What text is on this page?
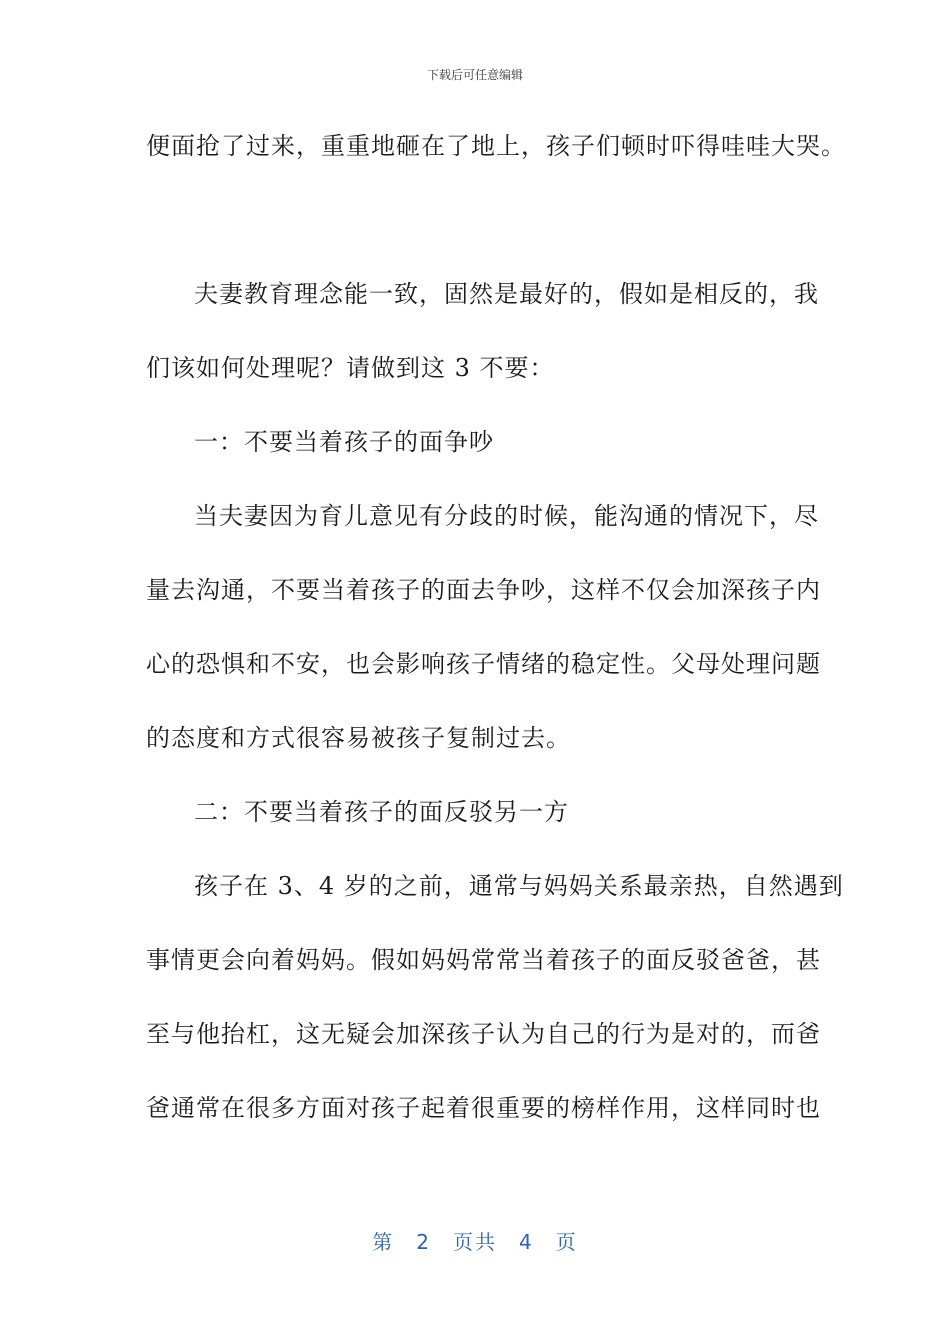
下载后可任意编辑
便面抢了过来，重重地砸在了地上，孩子们顿时吓得哇哇大哭。
夫妻教育理念能一致，固然是最好的，假如是相反的，我
们该如何处理呢？请做到这 3 不要：
一：不要当着孩子的面争吵
当夫妻因为育儿意见有分歧的时候，能沟通的情况下，尽
量去沟通，不要当着孩子的面去争吵，这样不仅会加深孩子内
心的恐惧和不安，也会影响孩子情绪的稳定性。父母处理问题
的态度和方式很容易被孩子复制过去。
二：不要当着孩子的面反驳另一方
孩子在 3、4 岁的之前，通常与妈妈关系最亲热，自然遇到
事情更会向着妈妈。假如妈妈常常当着孩子的面反驳爸爸，甚
至与他抬杠，这无疑会加深孩子认为自己的行为是对的，而爸
爸通常在很多方面对孩子起着很重要的榜样作用，这样同时也
第 2 页共 4 页
